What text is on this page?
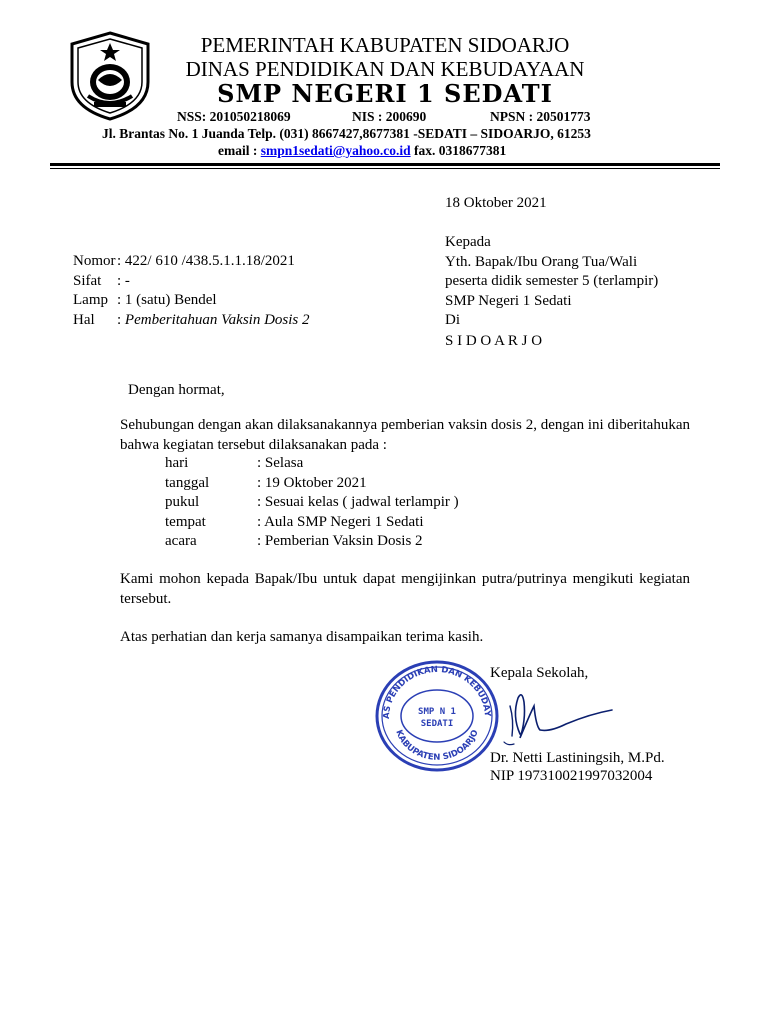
PEMERINTAH KABUPATEN SIDOARJO
DINAS PENDIDIKAN DAN KEBUDAYAAN
SMP NEGERI 1 SEDATI
NSS: 201050218069	NIS : 200690	NPSN : 20501773
Jl. Brantas No. 1 Juanda Telp. (031) 8667427,8677381 -SEDATI – SIDOARJO, 61253
email : smpn1sedati@yahoo.co.id fax. 0318677381
18 Oktober 2021
Kepada
Yth. Bapak/Ibu Orang Tua/Wali
peserta didik semester 5 (terlampir)
SMP Negeri 1 Sedati
Di
S I D O A R J O
Nomor : 422/ 610 /438.5.1.1.18/2021
Sifat : -
Lamp : 1 (satu) Bendel
Hal : Pemberitahuan Vaksin Dosis 2
Dengan hormat,
Sehubungan dengan akan dilaksanakannya pemberian vaksin dosis 2, dengan ini diberitahukan bahwa kegiatan tersebut dilaksanakan pada :
hari	: Selasa
tanggal	: 19 Oktober 2021
pukul	: Sesuai kelas ( jadwal terlampir )
tempat	: Aula SMP Negeri 1 Sedati
acara	: Pemberian Vaksin Dosis 2
Kami mohon kepada Bapak/Ibu untuk dapat mengijinkan putra/putrinya mengikuti kegiatan tersebut.
Atas perhatian dan kerja samanya disampaikan terima kasih.
Kepala Sekolah,
AS PENDIDIKAN DAN KEBUDAY
KABUPATEN SIDOARJO
SMP N 1
SEDATI
Dr. Netti Lastiningsih, M.Pd.
NIP 197310021997032004
